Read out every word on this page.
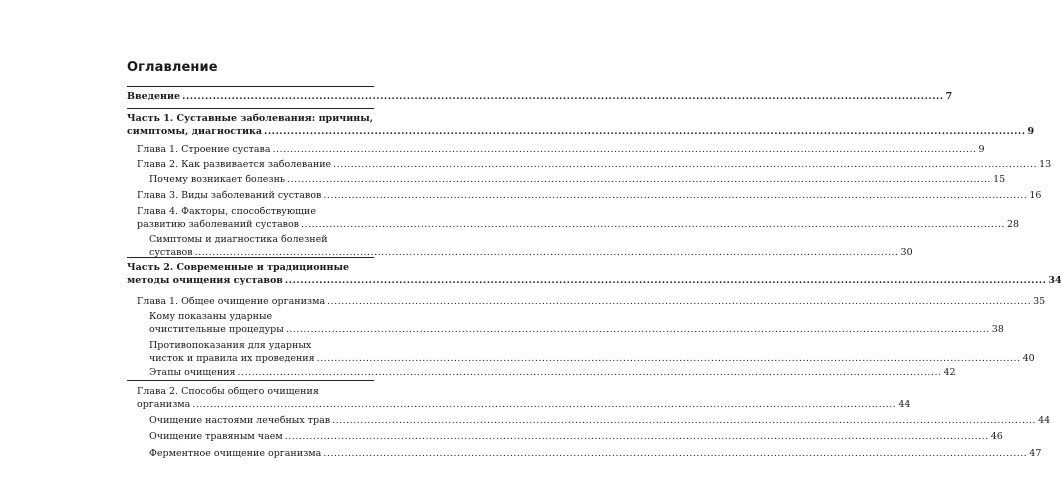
Оглавление
Введение ........................................................................................................................................................................................................ 7
Часть 1. Суставные заболевания: причины,
симптомы, диагностика ........................................................................................................................................................................................................ 9
Глава 1. Строение сустава ........................................................................................................................................................................................................ 9
Глава 2. Как развивается заболевание ........................................................................................................................................................................................................ 13
Почему возникает болезнь ........................................................................................................................................................................................................ 15
Глава 3. Виды заболеваний суставов ........................................................................................................................................................................................................ 16
Глава 4. Факторы, способствующие
развитию заболеваний суставов ........................................................................................................................................................................................................ 28
Симптомы и диагностика болезней
суставов ........................................................................................................................................................................................................ 30
Часть 2. Современные и традиционные
методы очищения суставов ........................................................................................................................................................................................................ 34
Глава 1. Общее очищение организма ........................................................................................................................................................................................................ 35
Кому показаны ударные
очистительные процедуры ........................................................................................................................................................................................................ 38
Противопоказания для ударных
чисток и правила их проведения ........................................................................................................................................................................................................ 40
Этапы очищения ........................................................................................................................................................................................................ 42
Глава 2. Способы общего очищения
организма ........................................................................................................................................................................................................ 44
Очищение настоями лечебных трав ........................................................................................................................................................................................................ 44
Очищение травяным чаем ........................................................................................................................................................................................................ 46
Ферментное очищение организма ........................................................................................................................................................................................................ 47
